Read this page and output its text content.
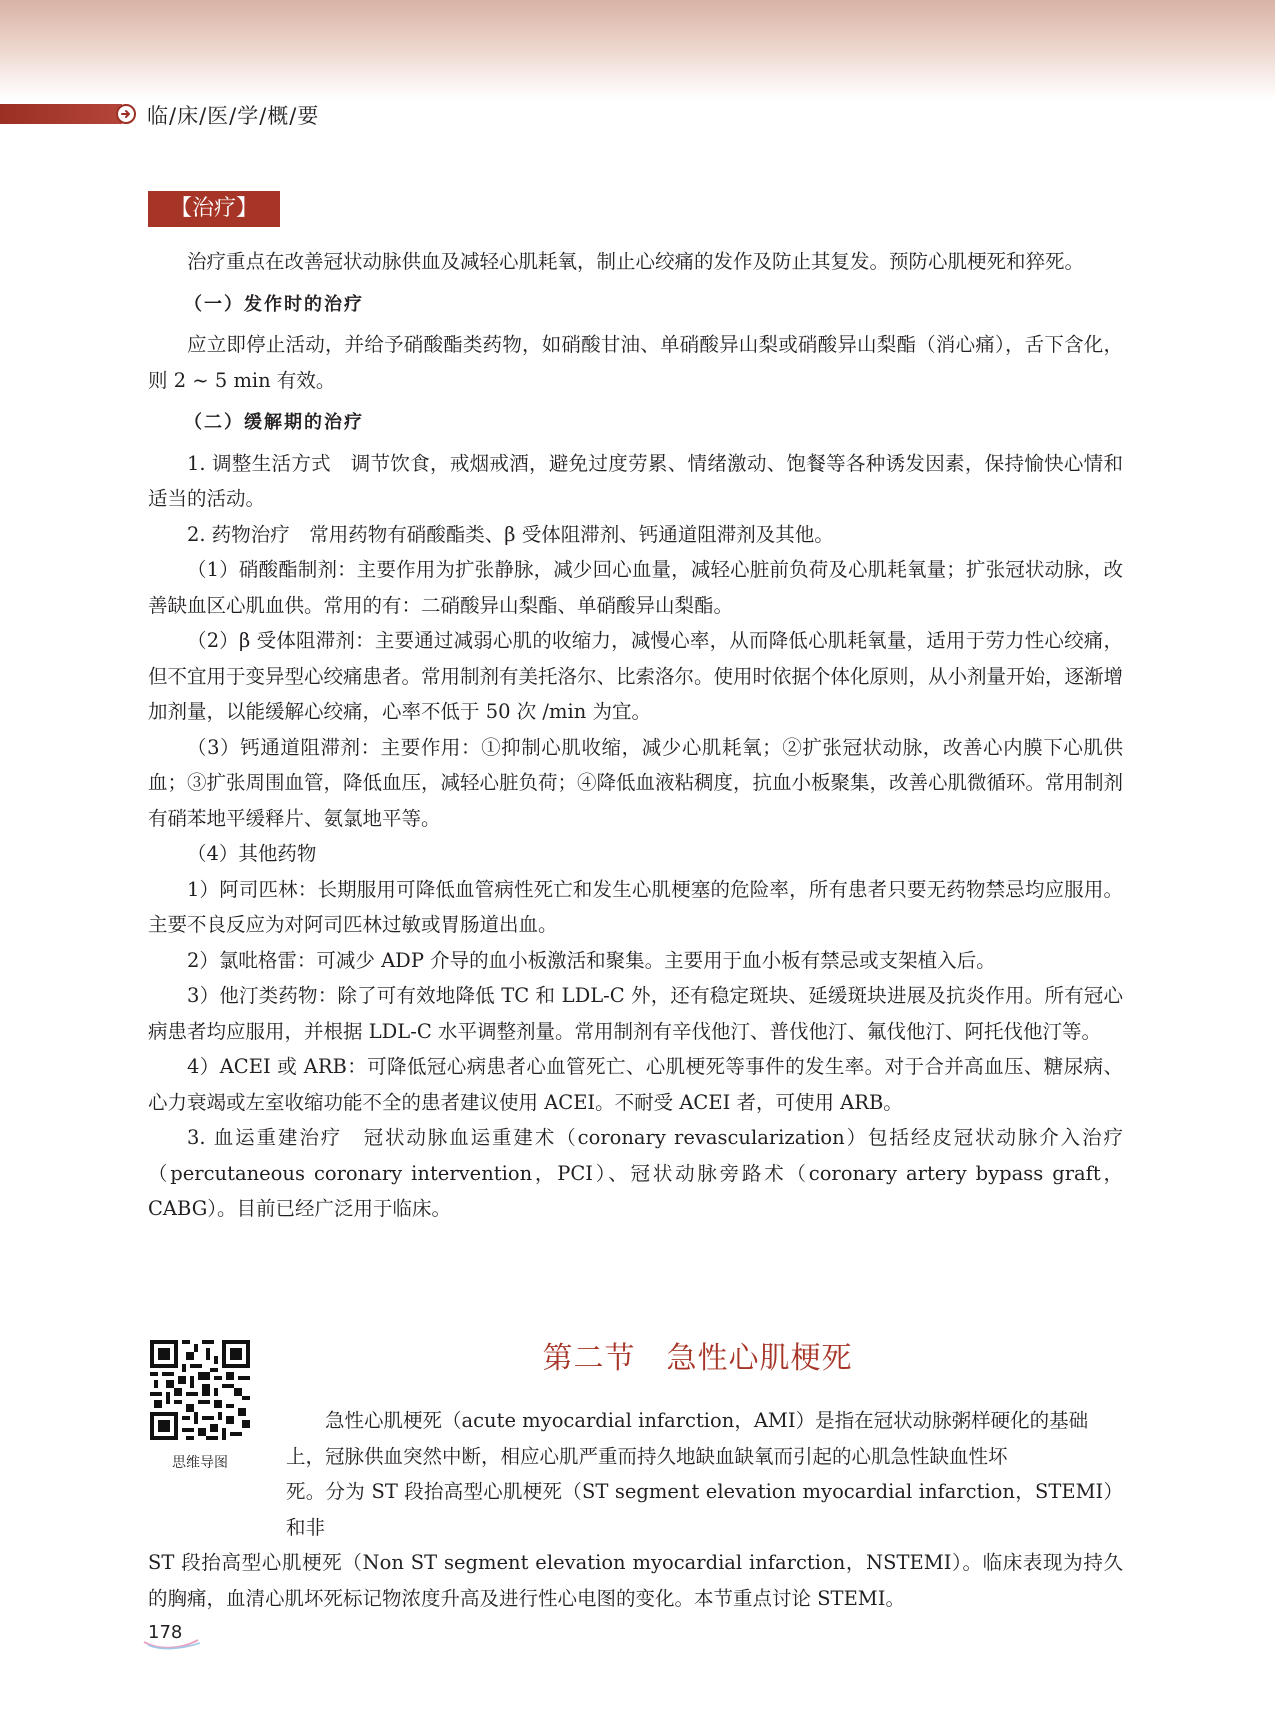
临/床/医/学/概/要
【治疗】

治疗重点在改善冠状动脉供血及减轻心肌耗氧，制止心绞痛的发作及防止其复发。预防心肌梗死和猝死。

（一）发作时的治疗

应立即停止活动，并给予硝酸酯类药物，如硝酸甘油、单硝酸异山梨或硝酸异山梨酯（消心痛），舌下含化，则 2 ~ 5 min 有效。

（二）缓解期的治疗

1. 调整生活方式　调节饮食，戒烟戒酒，避免过度劳累、情绪激动、饱餐等各种诱发因素，保持愉快心情和适当的活动。

2. 药物治疗　常用药物有硝酸酯类、β 受体阻滞剂、钙通道阻滞剂及其他。

（1）硝酸酯制剂：主要作用为扩张静脉，减少回心血量，减轻心脏前负荷及心肌耗氧量；扩张冠状动脉，改善缺血区心肌血供。常用的有：二硝酸异山梨酯、单硝酸异山梨酯。

（2）β 受体阻滞剂：主要通过减弱心肌的收缩力，减慢心率，从而降低心肌耗氧量，适用于劳力性心绞痛，但不宜用于变异型心绞痛患者。常用制剂有美托洛尔、比索洛尔。使用时依据个体化原则，从小剂量开始，逐渐增加剂量，以能缓解心绞痛，心率不低于 50 次 /min 为宜。

（3）钙通道阻滞剂：主要作用：①抑制心肌收缩，减少心肌耗氧；②扩张冠状动脉，改善心内膜下心肌供血；③扩张周围血管，降低血压，减轻心脏负荷；④降低血液粘稠度，抗血小板聚集，改善心肌微循环。常用制剂有硝苯地平缓释片、氨氯地平等。

（4）其他药物

1）阿司匹林：长期服用可降低血管病性死亡和发生心肌梗塞的危险率，所有患者只要无药物禁忌均应服用。主要不良反应为对阿司匹林过敏或胃肠道出血。

2）氯吡格雷：可减少 ADP 介导的血小板激活和聚集。主要用于血小板有禁忌或支架植入后。

3）他汀类药物：除了可有效地降低 TC 和 LDL-C 外，还有稳定斑块、延缓斑块进展及抗炎作用。所有冠心病患者均应服用，并根据 LDL-C 水平调整剂量。常用制剂有辛伐他汀、普伐他汀、氟伐他汀、阿托伐他汀等。

4）ACEI 或 ARB：可降低冠心病患者心血管死亡、心肌梗死等事件的发生率。对于合并高血压、糖尿病、心力衰竭或左室收缩功能不全的患者建议使用 ACEI。不耐受 ACEI 者，可使用 ARB。

3. 血运重建治疗　冠状动脉血运重建术（coronary revascularization）包括经皮冠状动脉介入治疗（percutaneous coronary intervention，PCI）、冠状动脉旁路术（coronary artery bypass graft，CABG）。目前已经广泛用于临床。

思维导图
第二节　急性心肌梗死

急性心肌梗死（acute myocardial infarction，AMI）是指在冠状动脉粥样硬化的基础

上，冠脉供血突然中断，相应心肌严重而持久地缺血缺氧而引起的心肌急性缺血性坏

死。分为 ST 段抬高型心肌梗死（ST segment elevation myocardial infarction，STEMI）和非

ST 段抬高型心肌梗死（Non ST segment elevation myocardial infarction，NSTEMI）。临床表现为持久的胸痛，血清心肌坏死标记物浓度升高及进行性心电图的变化。本节重点讨论 STEMI。

178
